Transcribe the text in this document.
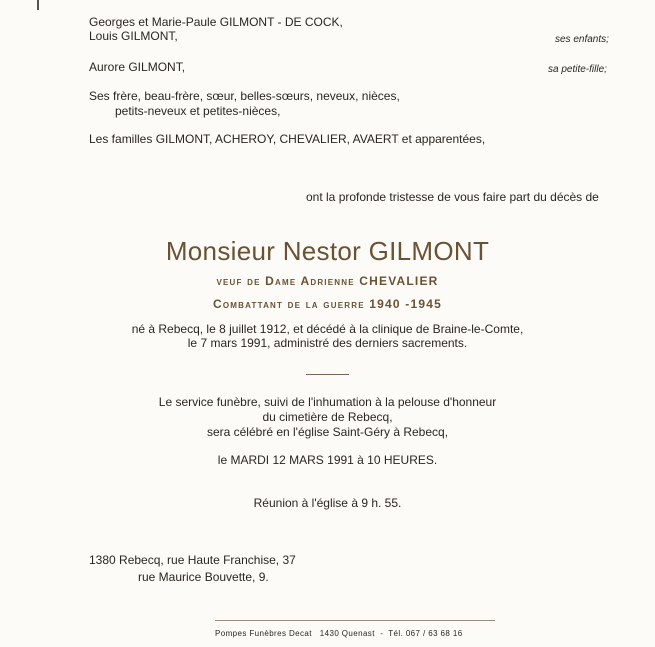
Georges et Marie-Paule GILMONT - DE COCK,
Louis GILMONT,	ses enfants;
Aurore GILMONT,	sa petite-fille;
Ses frère, beau-frère, sœur, belles-sœurs, neveux, nièces,
petits-neveux et petites-nièces,
Les familles GILMONT, ACHEROY, CHEVALIER, AVAERT et apparentées,
ont la profonde tristesse de vous faire part du décès de
Monsieur Nestor GILMONT
veuf de Dame Adrienne CHEVALIER
Combattant de la guerre 1940 -1945
né à Rebecq, le 8 juillet 1912, et décédé à la clinique de Braine-le-Comte,
le 7 mars 1991, administré des derniers sacrements.
Le service funèbre, suivi de l'inhumation à la pelouse d'honneur
du cimetière de Rebecq,
sera célébré en l'église Saint-Géry à Rebecq,
le MARDI 12 MARS 1991 à 10 HEURES.
Réunion à l'église à 9 h. 55.
1380 Rebecq, rue Haute Franchise, 37
rue Maurice Bouvette, 9.
Pompes Funèbres Decat 1430 Quenast - Tél. 067 / 63 68 16
